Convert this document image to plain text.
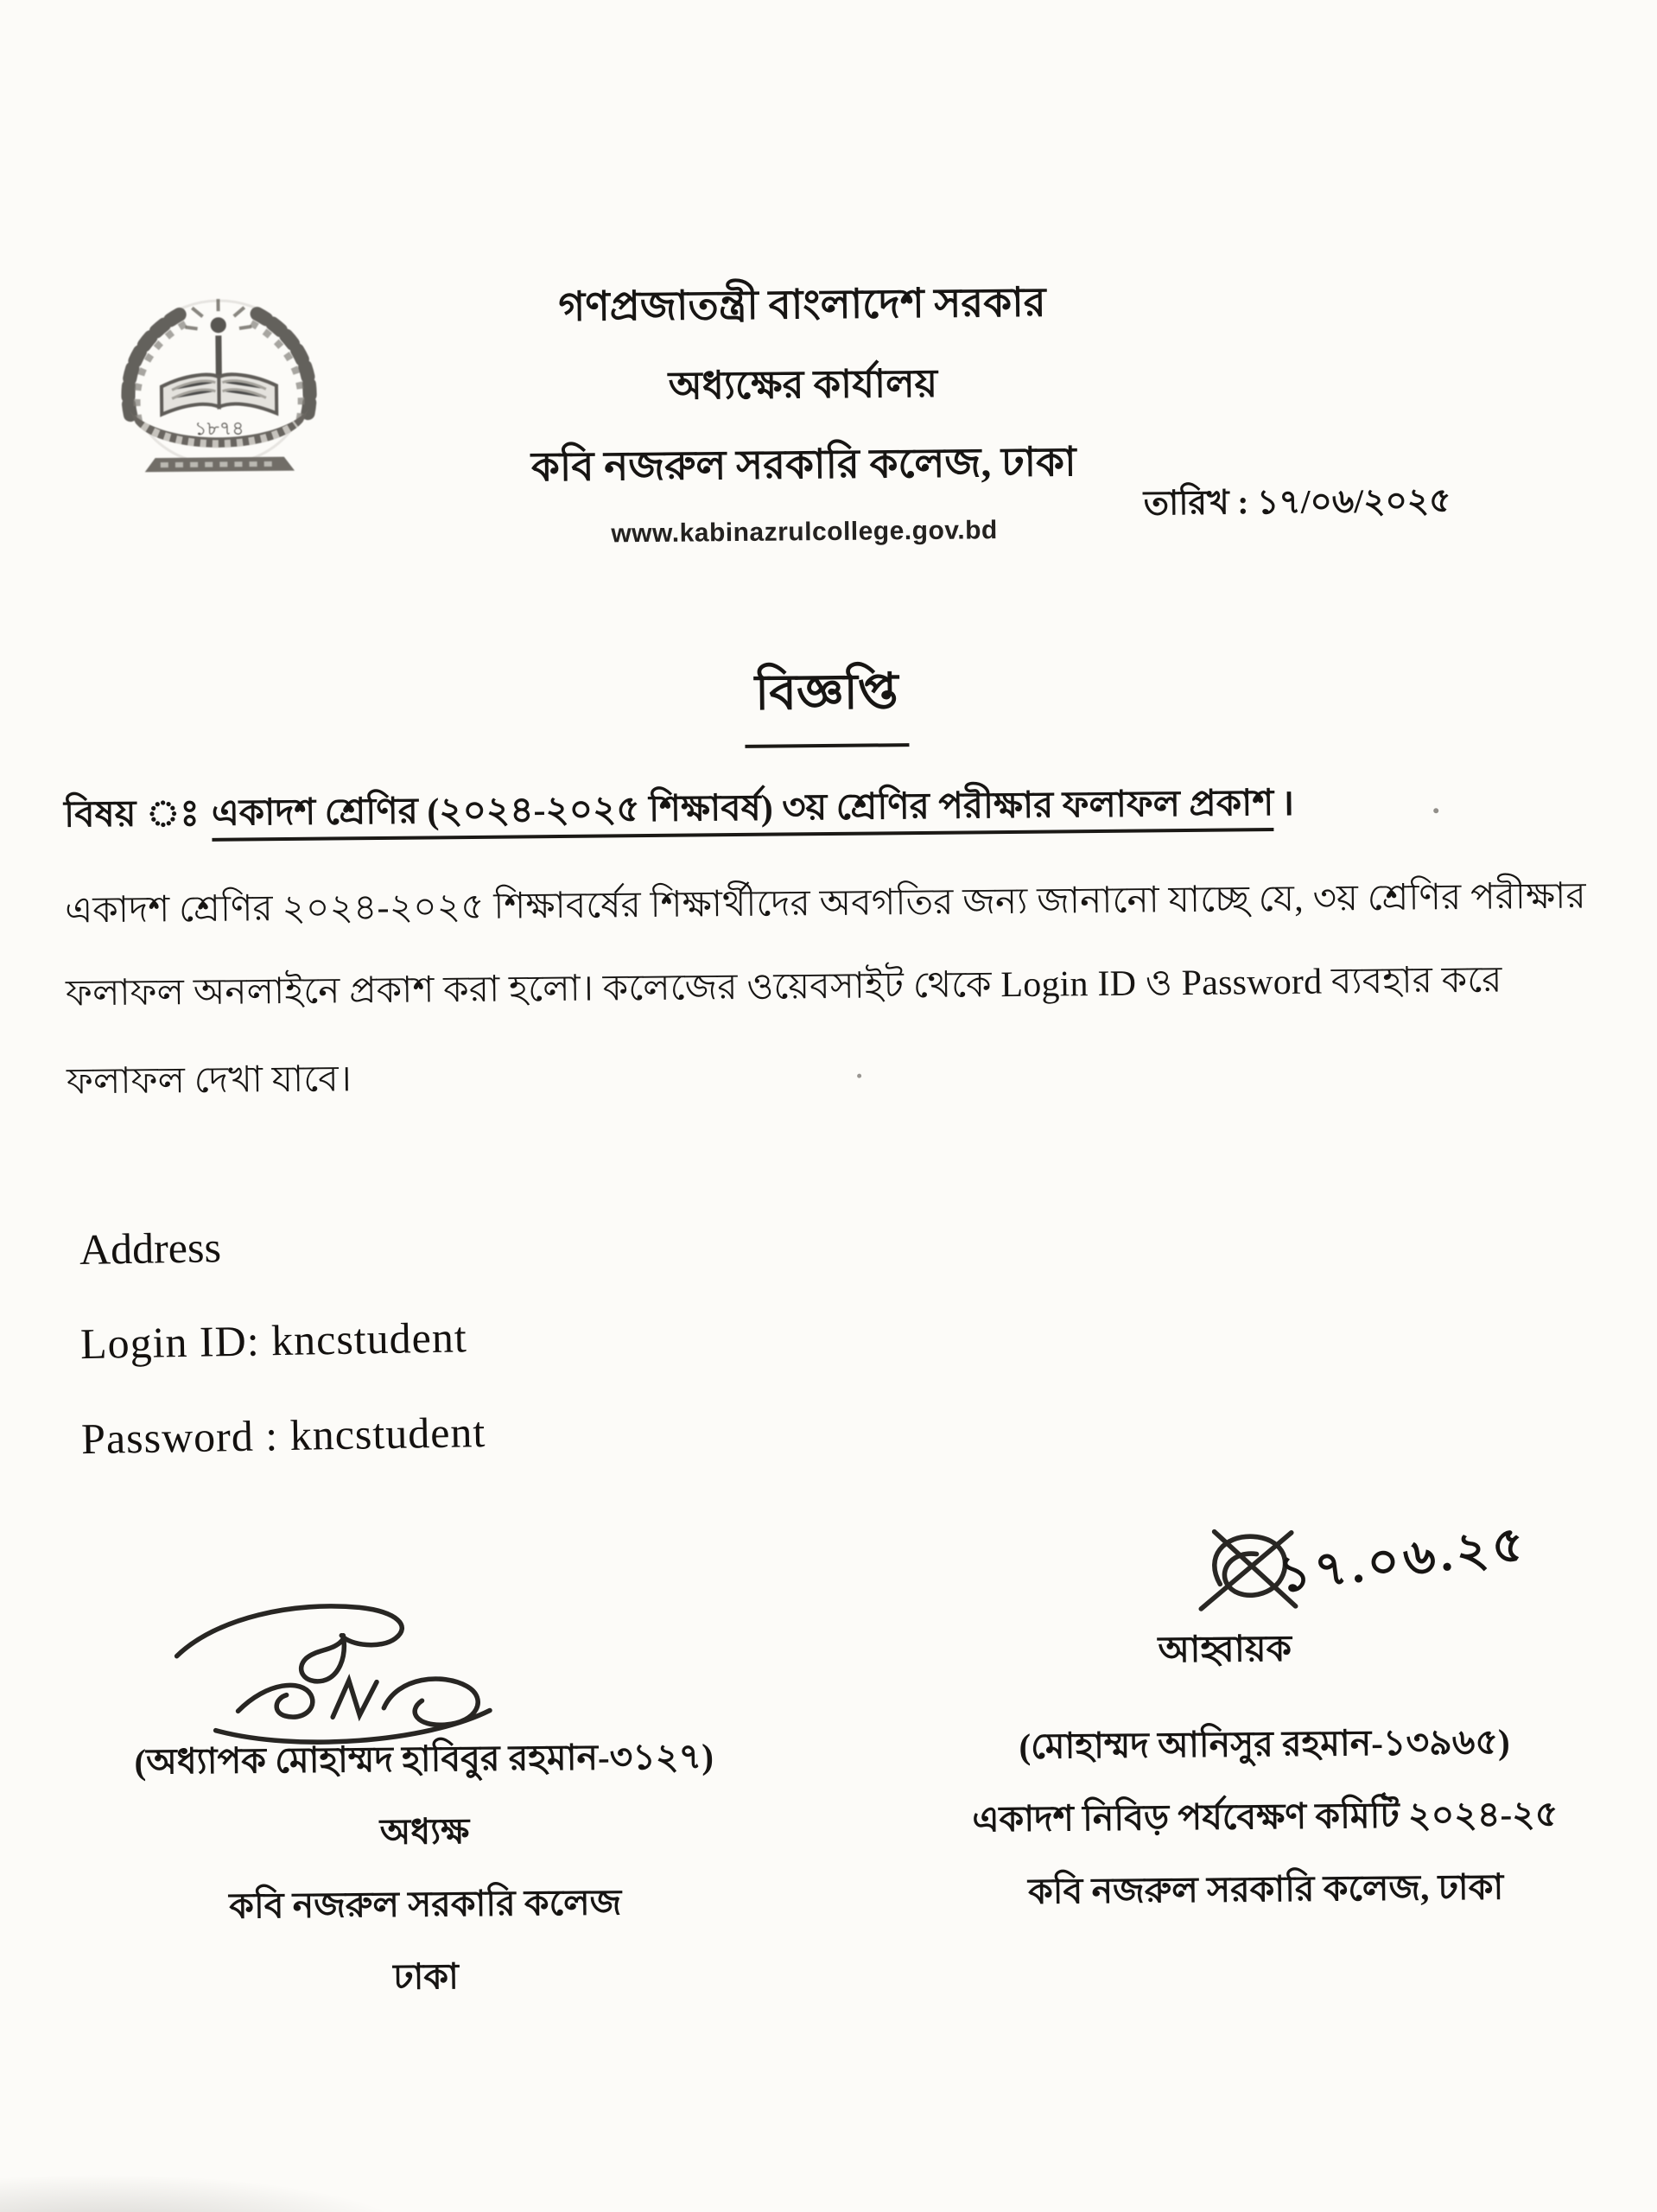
১৮৭৪
গণপ্রজাতন্ত্রী বাংলাদেশ সরকার
অধ্যক্ষের কার্যালয়
কবি নজরুল সরকারি কলেজ, ঢাকা
www.kabinazrulcollege.gov.bd
তারিখ : ১৭/০৬/২০২৫
বিজ্ঞপ্তি
বিষয় ঃ একাদশ শ্রেণির (২০২৪-২০২৫ শিক্ষাবর্ষ) ৩য় শ্রেণির পরীক্ষার ফলাফল প্রকাশ ।
একাদশ শ্রেণির ২০২৪-২০২৫ শিক্ষাবর্ষের শিক্ষার্থীদের অবগতির জন্য জানানো যাচ্ছে যে, ৩য় শ্রেণির পরীক্ষার
ফলাফল অনলাইনে প্রকাশ করা হলো। কলেজের ওয়েবসাইট থেকে Login ID ও Password ব্যবহার করে
ফলাফল দেখা যাবে।
Address
Login ID: kncstudent
Password : kncstudent
(অধ্যাপক মোহাম্মদ হাবিবুর রহমান-৩১২৭)
অধ্যক্ষ
কবি নজরুল সরকারি কলেজ
ঢাকা
১৭.০৬.২৫
আহ্বায়ক
(মোহাম্মদ আনিসুর রহমান-১৩৯৬৫)
একাদশ নিবিড় পর্যবেক্ষণ কমিটি ২০২৪-২৫
কবি নজরুল সরকারি কলেজ, ঢাকা
